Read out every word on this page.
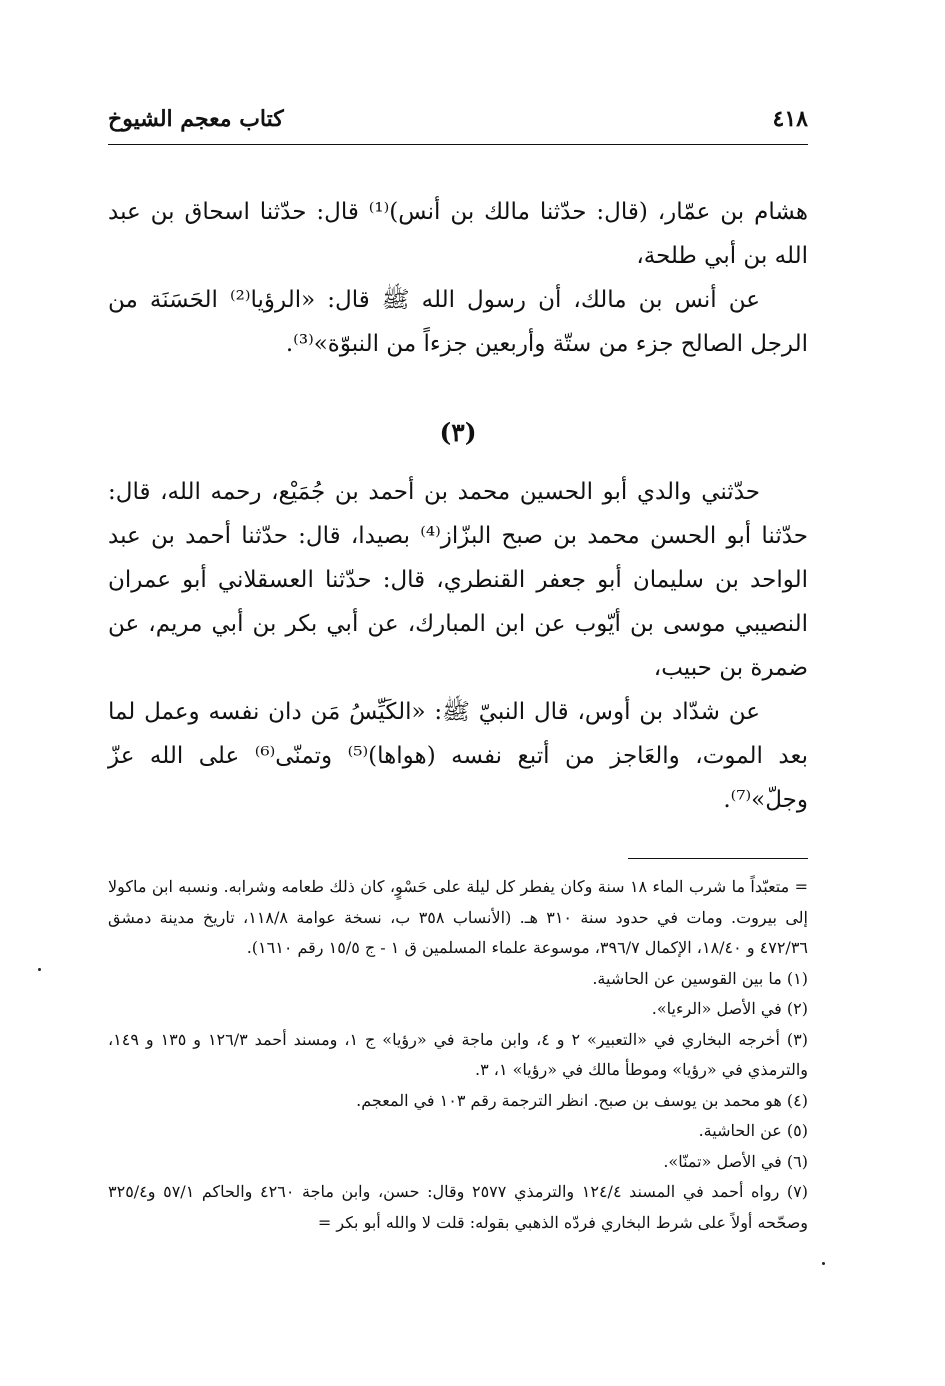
٤١٨
كتاب معجم الشيوخ

هشام بن عمّار، (قال: حدّثنا مالك بن أنس)⁽¹⁾ قال: حدّثنا اسحاق بن عبد الله بن أبي طلحة،

عن أنس بن مالك، أن رسول الله ﷺ قال: «الرؤيا⁽²⁾ الحَسَنَة من الرجل الصالح جزء من ستّة وأربعين جزءاً من النبوّة»⁽³⁾.

(٣)

حدّثني والدي أبو الحسين محمد بن أحمد بن جُمَيْع، رحمه الله، قال: حدّثنا أبو الحسن محمد بن صبح البزّاز⁽⁴⁾ بصيدا، قال: حدّثنا أحمد بن عبد الواحد بن سليمان أبو جعفر القنطري، قال: حدّثنا العسقلاني أبو عمران النصيبي موسى بن أيّوب عن ابن المبارك، عن أبي بكر بن أبي مريم، عن ضمرة بن حبيب،

عن شدّاد بن أوس، قال النبيّ ﷺ: «الكَيِّسُ مَن دان نفسه وعمل لما بعد الموت، والعَاجز من أتبع نفسه (هواها)⁽⁵⁾ وتمنّى⁽⁶⁾ على الله عزّ وجلّ»⁽⁷⁾.

= متعبّداً ما شرب الماء ١٨ سنة وكان يفطر كل ليلة على حَسْوٍ، كان ذلك طعامه وشرابه. ونسبه ابن ماكولا إلى بيروت. ومات في حدود سنة ٣١٠ هـ. (الأنساب ٣٥٨ ب، نسخة عوامة ١١٨/٨، تاريخ مدينة دمشق ٤٧٢/٣٦ و ١٨/٤٠، الإكمال ٣٩٦/٧، موسوعة علماء المسلمين ق ١ - ج ١٥/٥ رقم ١٦١٠).

(١) ما بين القوسين عن الحاشية.

(٢) في الأصل «الرءيا».

(٣) أخرجه البخاري في «التعبير» ٢ و ٤، وابن ماجة في «رؤيا» ج ١، ومسند أحمد ١٢٦/٣ و ١٣٥ و ١٤٩، والترمذي في «رؤيا» وموطأ مالك في «رؤيا» ١، ٣.

(٤) هو محمد بن يوسف بن صبح. انظر الترجمة رقم ١٠٣ في المعجم.

(٥) عن الحاشية.

(٦) في الأصل «تمنّا».

(٧) رواه أحمد في المسند ١٢٤/٤ والترمذي ٢٥٧٧ وقال: حسن، وابن ماجة ٤٢٦٠ والحاكم ٥٧/١ و٣٢٥/٤ وصحّحه أولاً على شرط البخاري فردّه الذهبي بقوله: قلت لا والله أبو بكر =
